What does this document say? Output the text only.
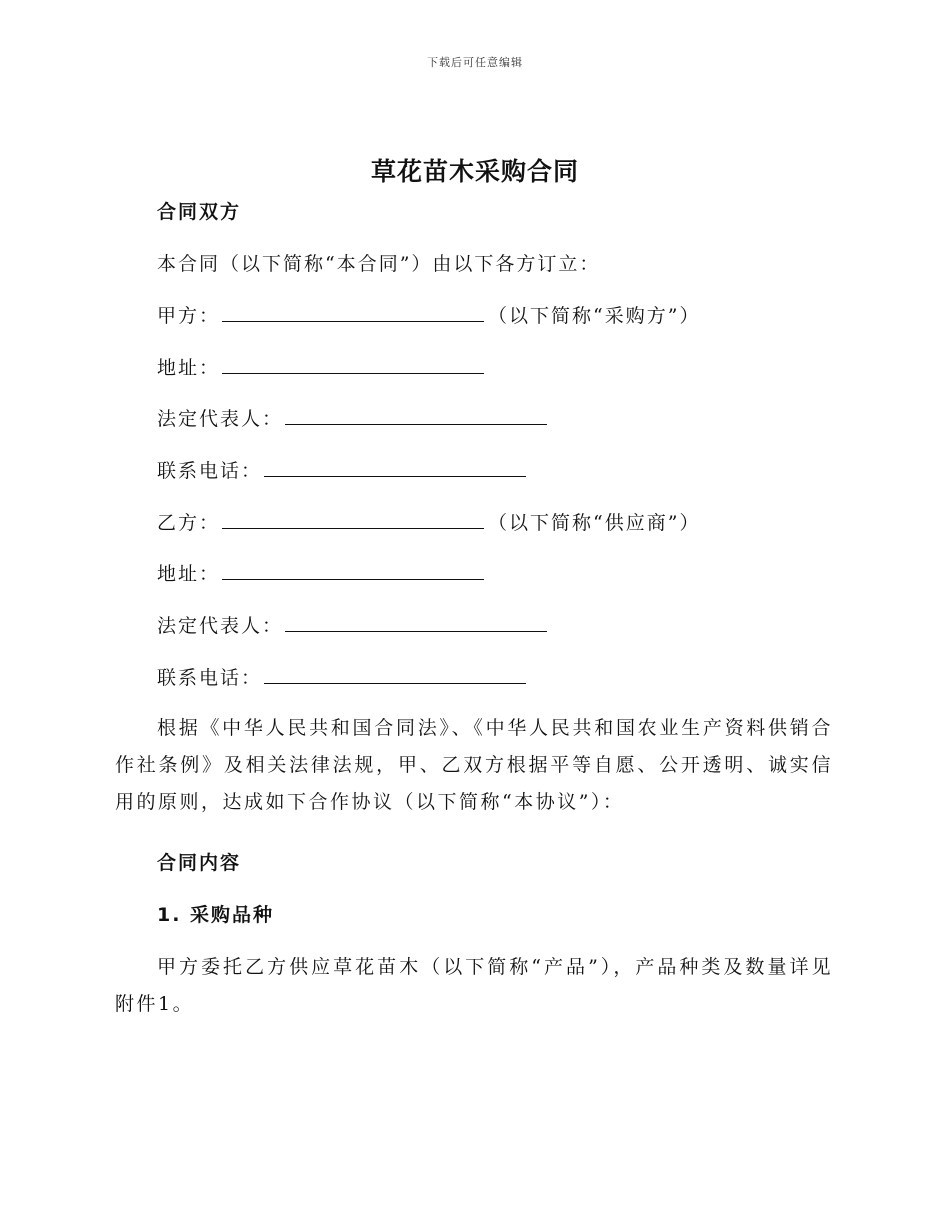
下载后可任意编辑
草花苗木采购合同
合同双方
本合同（以下简称“本合同”）由以下各方订立：
甲方：	（以下简称“采购方”）
地址：
法定代表人：
联系电话：
乙方：	（以下简称“供应商”）
地址：
法定代表人：
联系电话：
根据《中华人民共和国合同法》、《中华人民共和国农业生产资料供销合作社条例》及相关法律法规，甲、乙双方根据平等自愿、公开透明、诚实信用的原则，达成如下合作协议（以下简称“本协议”）：
合同内容
1. 采购品种
甲方委托乙方供应草花苗木（以下简称“产品”），产品种类及数量详见附件1。
